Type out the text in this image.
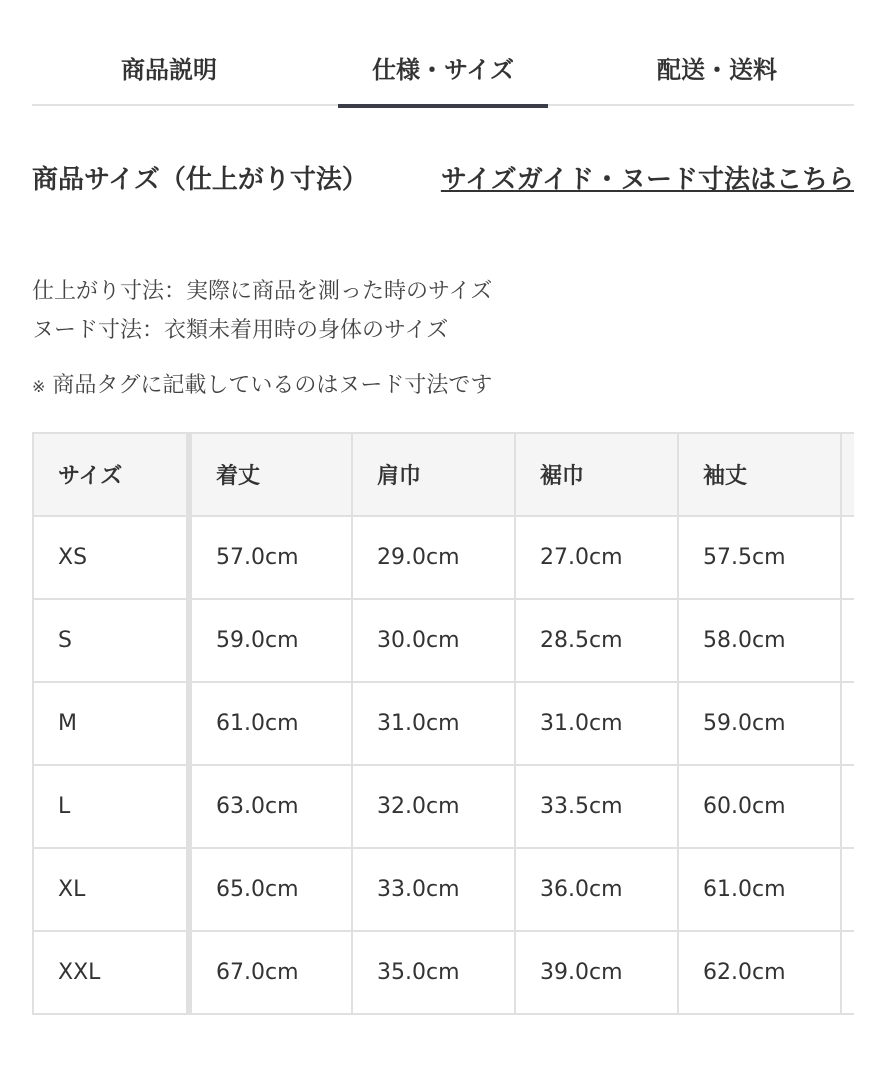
商品説明	仕様・サイズ	配送・送料
商品サイズ（仕上がり寸法）	サイズガイド・ヌード寸法はこちら
仕上がり寸法：実際に商品を測った時のサイズ
ヌード寸法：衣類未着用時の身体のサイズ
※ 商品タグに記載しているのはヌード寸法です
サイズ	着丈	肩巾	裾巾	袖丈	
XS	57.0cm	29.0cm	27.0cm	57.5cm	
S	59.0cm	30.0cm	28.5cm	58.0cm	
M	61.0cm	31.0cm	31.0cm	59.0cm	
L	63.0cm	32.0cm	33.5cm	60.0cm	
XL	65.0cm	33.0cm	36.0cm	61.0cm	
XXL	67.0cm	35.0cm	39.0cm	62.0cm	
